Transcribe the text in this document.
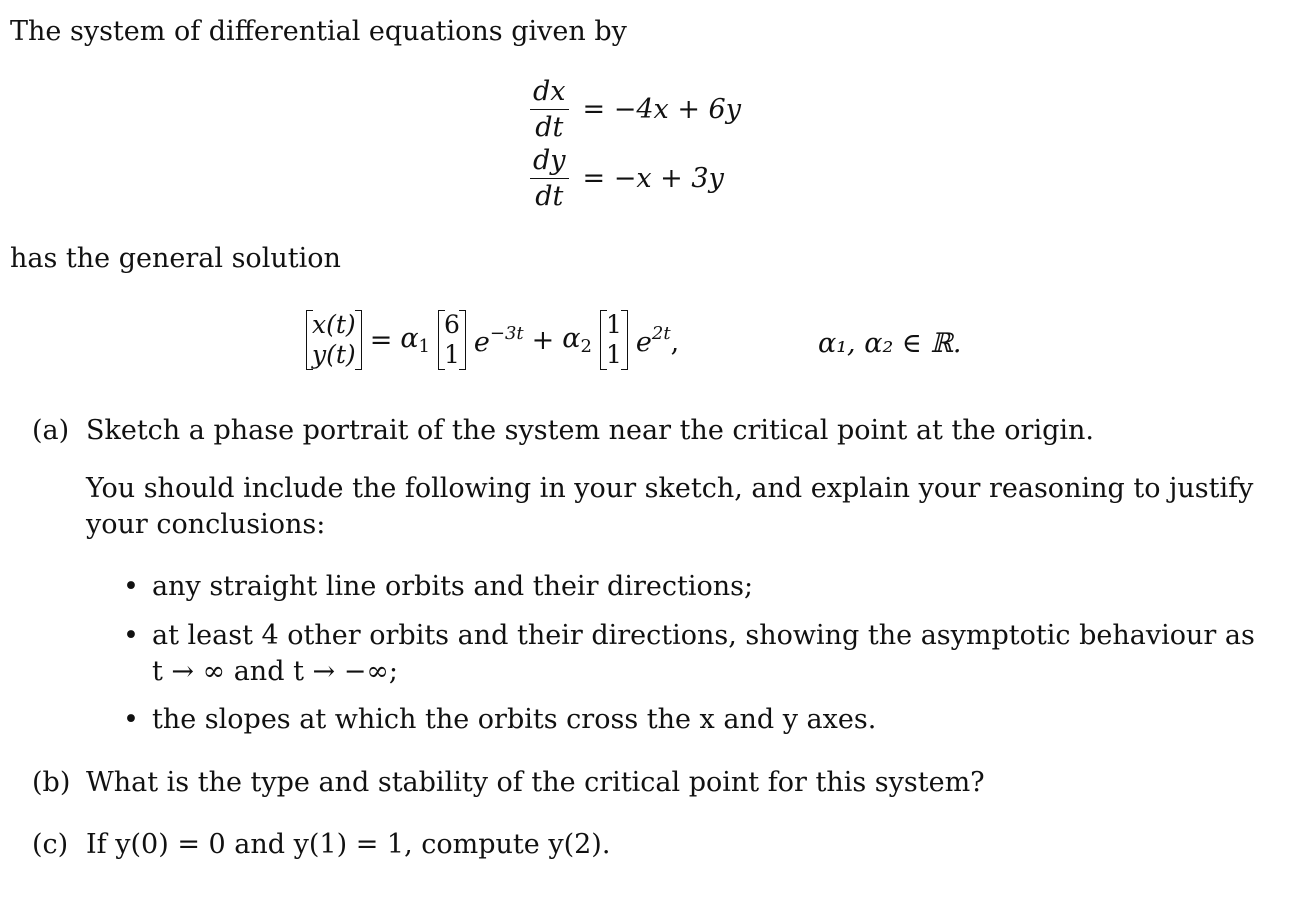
The system of differential equations given by
$\frac{dx}{dt} = -4x + 6y$
$\frac{dy}{dt} = -x + 3y$
has the general solution
x(t)
$y(t) = \alpha_1$
6
1 $e^{-3t} + \alpha_2$
1
1 $e^{2t}$,	α₁, α₂ ∈ ℝ.
(a) Sketch a phase portrait of the system near the critical point at the origin.
You should include the following in your sketch, and explain your reasoning to justify your conclusions:
• any straight line orbits and their directions;
• at least 4 other orbits and their directions, showing the asymptotic behaviour as
t → ∞ and t → −∞;
• the slopes at which the orbits cross the x and y axes.
(b) What is the type and stability of the critical point for this system?
(c) If y(0) = 0 and y(1) = 1, compute y(2).
